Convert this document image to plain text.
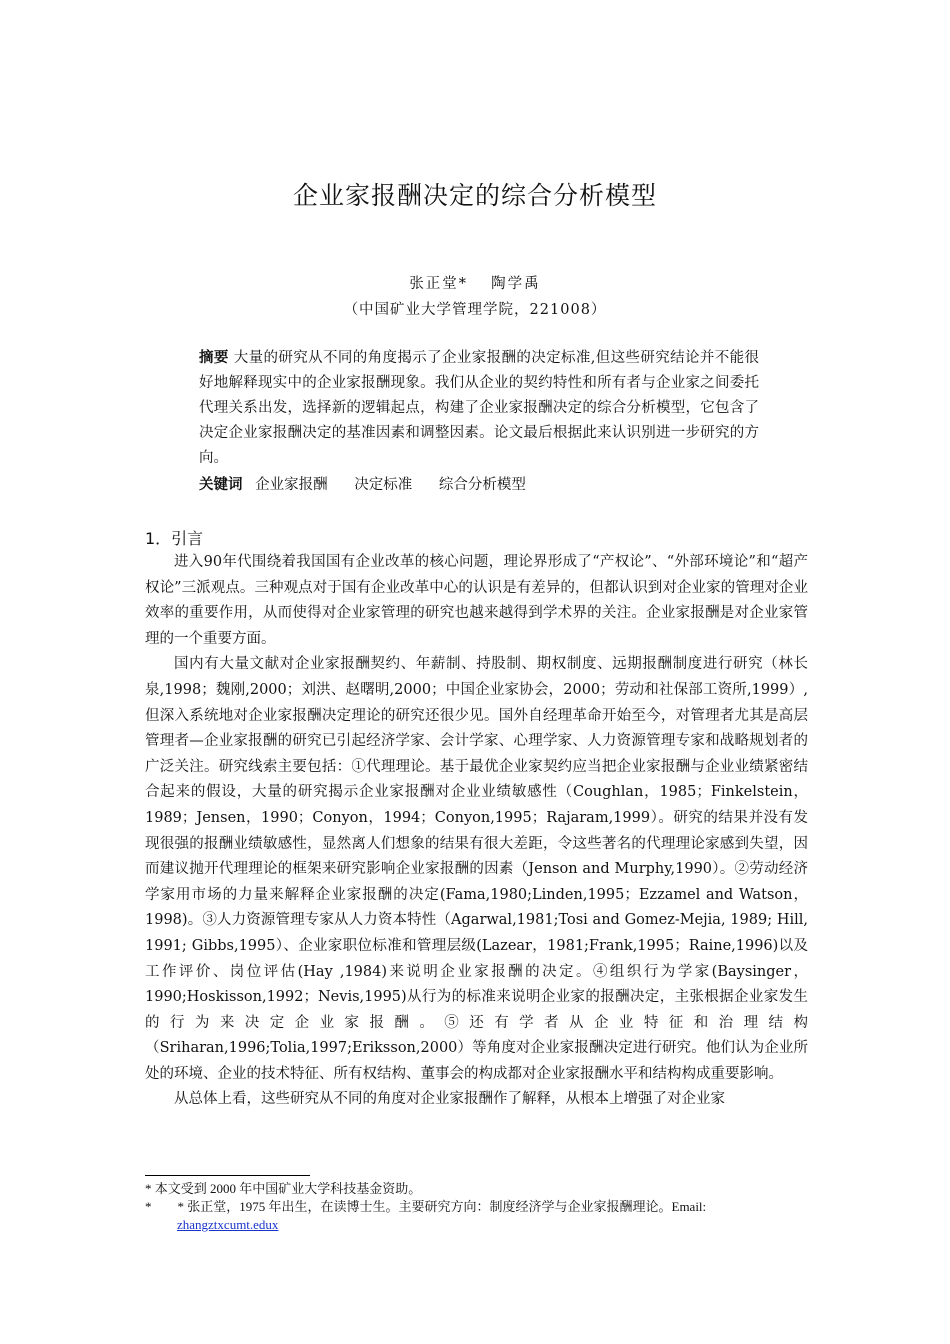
企业家报酬决定的综合分析模型
张正堂*　 陶学禹
（中国矿业大学管理学院，221008）
摘要 大量的研究从不同的角度揭示了企业家报酬的决定标准,但这些研究结论并不能很好地解释现实中的企业家报酬现象。我们从企业的契约特性和所有者与企业家之间委托代理关系出发，选择新的逻辑起点，构建了企业家报酬决定的综合分析模型，它包含了决定企业家报酬决定的基准因素和调整因素。论文最后根据此来认识别进一步研究的方向。
关键词 企业家报酬 决定标准 综合分析模型
1．引言

进入90年代围绕着我国国有企业改革的核心问题，理论界形成了“产权论”、“外部环境论”和“超产权论”三派观点。三种观点对于国有企业改革中心的认识是有差异的，但都认识到对企业家的管理对企业效率的重要作用，从而使得对企业家管理的研究也越来越得到学术界的关注。企业家报酬是对企业家管理的一个重要方面。

国内有大量文献对企业家报酬契约、年薪制、持股制、期权制度、远期报酬制度进行研究（林长泉,1998；魏刚,2000；刘洪、赵曙明,2000；中国企业家协会，2000；劳动和社保部工资所,1999）,但深入系统地对企业家报酬决定理论的研究还很少见。国外自经理革命开始至今，对管理者尤其是高层管理者—企业家报酬的研究已引起经济学家、会计学家、心理学家、人力资源管理专家和战略规划者的广泛关注。研究线索主要包括：①代理理论。基于最优企业家契约应当把企业家报酬与企业业绩紧密结合起来的假设，大量的研究揭示企业家报酬对企业业绩敏感性（Coughlan，1985；Finkelstein，1989；Jensen，1990；Conyon，1994；Conyon,1995；Rajaram,1999）。研究的结果并没有发现很强的报酬业绩敏感性，显然离人们想象的结果有很大差距，令这些著名的代理理论家感到失望，因而建议抛开代理理论的框架来研究影响企业家报酬的因素（Jenson and Murphy,1990）。②劳动经济学家用市场的力量来解释企业家报酬的决定(Fama,1980;Linden,1995；Ezzamel and Watson，1998)。③人力资源管理专家从人力资本特性（Agarwal,1981;Tosi and Gomez-Mejia, 1989; Hill, 1991; Gibbs,1995）、企业家职位标准和管理层级(Lazear，1981;Frank,1995；Raine,1996)以及工作评价、岗位评估(Hay ,1984)来说明企业家报酬的决定。④组织行为学家(Baysinger，1990;Hoskisson,1992；Nevis,1995)从行为的标准来说明企业家的报酬决定，主张根据企业家发生的行为来决定企业家报酬。⑤还有学者从企业特征和治理结构（Sriharan,1996;Tolia,1997;Eriksson,2000）等角度对企业家报酬决定进行研究。他们认为企业所处的环境、企业的技术特征、所有权结构、董事会的构成都对企业家报酬水平和结构构成重要影响。

从总体上看，这些研究从不同的角度对企业家报酬作了解释，从根本上增强了对企业家

* 本文受到 2000 年中国矿业大学科技基金资助。
*　　* 张正堂，1975 年出生，在读博士生。主要研究方向：制度经济学与企业家报酬理论。Email:
zhangztxcumt.edux
